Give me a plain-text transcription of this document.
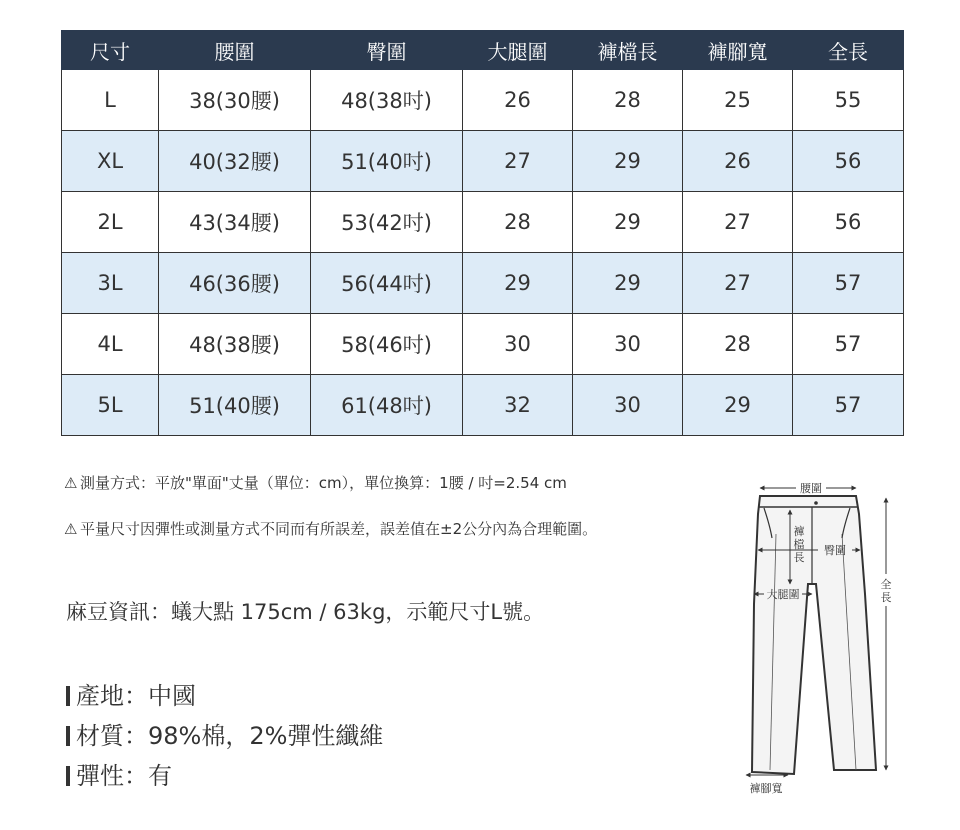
尺寸	腰圍	臀圍	大腿圍	褲檔長	褲腳寬	全長
L	38(30腰)	48(38吋)	26	28	25	55
XL	40(32腰)	51(40吋)	27	29	26	56
2L	43(34腰)	53(42吋)	28	29	27	56
3L	46(36腰)	56(44吋)	29	29	27	57
4L	48(38腰)	58(46吋)	30	30	28	57
5L	51(40腰)	61(48吋)	32	30	29	57
⚠ 測量方式：平放"單面"丈量（單位：cm），單位換算：1腰 / 吋=2.54 cm
⚠ 平量尺寸因彈性或測量方式不同而有所誤差，誤差值在±2公分內為合理範圍。
麻豆資訊：蟻大點 175cm / 63kg，示範尺寸L號。
產地：中國
材質：98%棉，2%彈性纖維
彈性：有
腰圍
褲
檔
長
臀圍
大腿圍
全
長
褲腳寬
